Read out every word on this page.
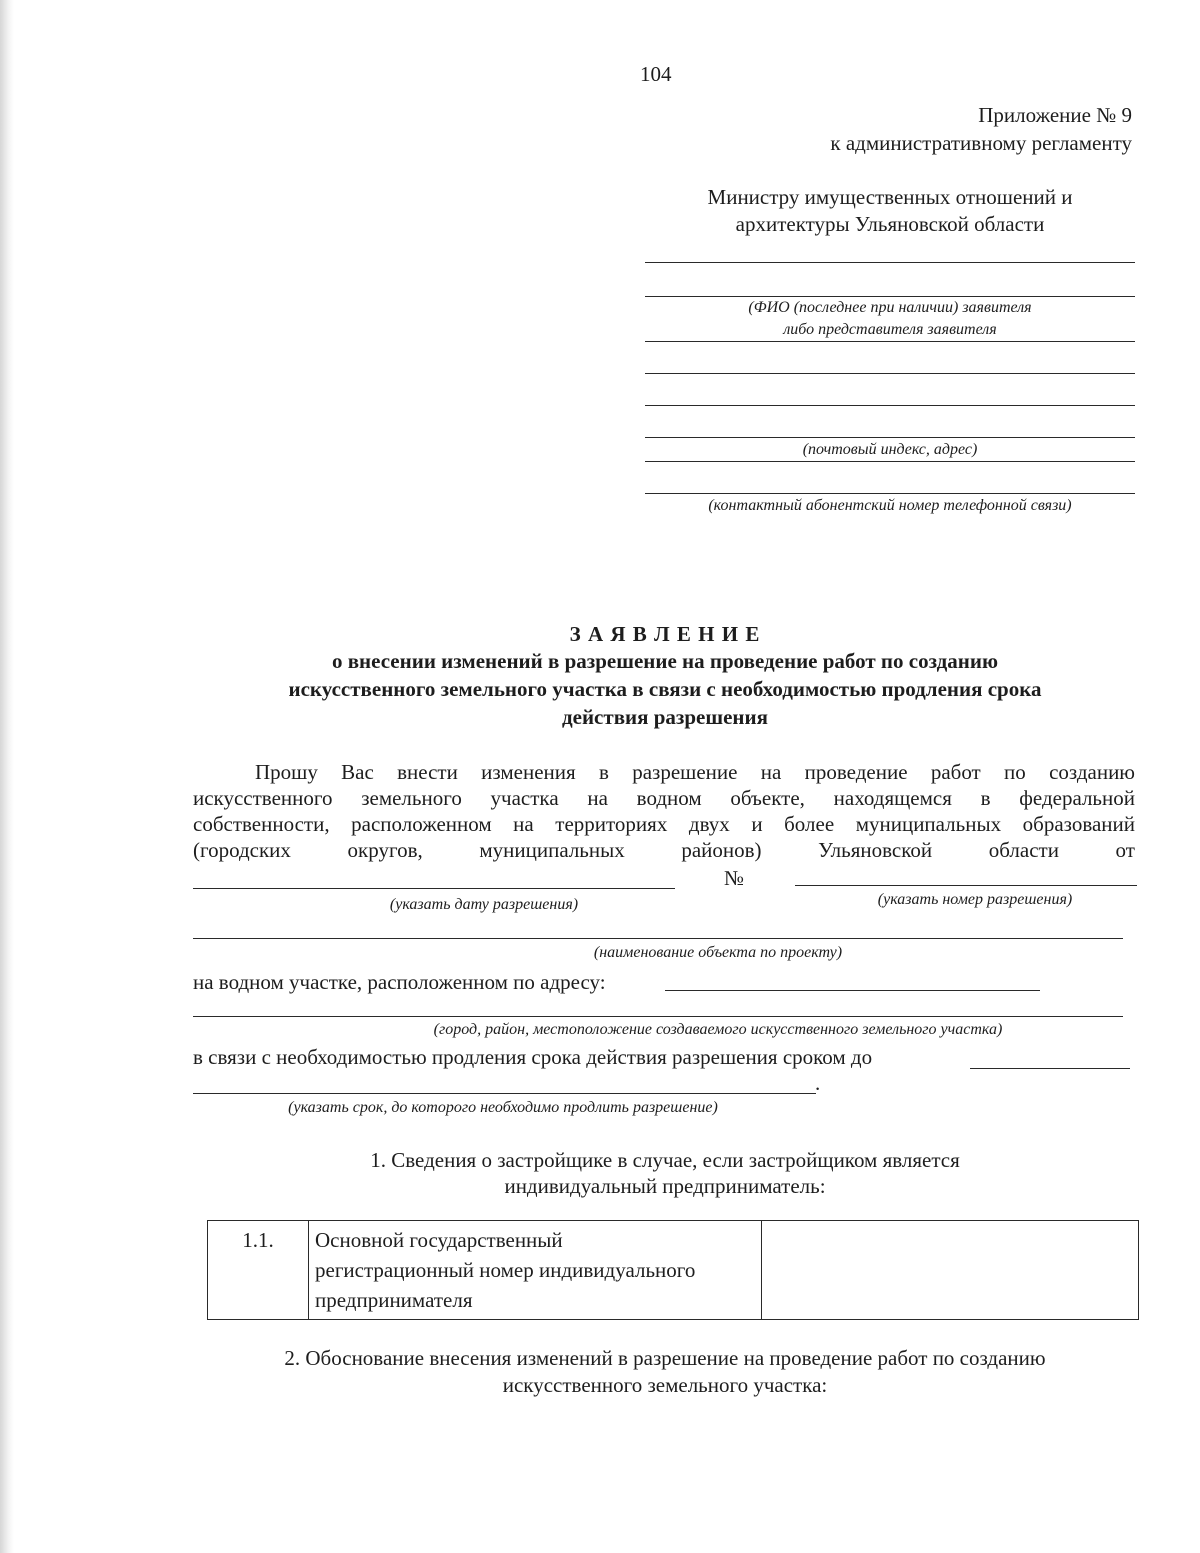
104
Приложение № 9
к административному регламенту
Министру имущественных отношений и
архитектуры Ульяновской области
(ФИО (последнее при наличии) заявителя
либо представителя заявителя
(почтовый индекс, адрес)
(контактный абонентский номер телефонной связи)
З А Я В Л Е Н И Е
о внесении изменений в разрешение на проведение работ по созданию
искусственного земельного участка в связи с необходимостью продления срока
действия разрешения
Прошу Вас внести изменения в разрешение на проведение работ по созданию
искусственного земельного участка на водном объекте, находящемся в федеральной
собственности, расположенном на территориях двух и более муниципальных образований
(городских	округов,	муниципальных	районов)	Ульяновской	области	от
№
(указать дату разрешения)	(указать номер разрешения)
(наименование объекта по проекту)
на водном участке, расположенном по адресу:
(город, район, местоположение создаваемого искусственного земельного участка)
в связи с необходимостью продления срока действия разрешения сроком до
.
(указать срок, до которого необходимо продлить разрешение)
1. Сведения о застройщике в случае, если застройщиком является
индивидуальный предприниматель:
1.1.	Основной государственный
регистрационный номер индивидуального
предпринимателя

2. Обоснование внесения изменений в разрешение на проведение работ по созданию
искусственного земельного участка:
